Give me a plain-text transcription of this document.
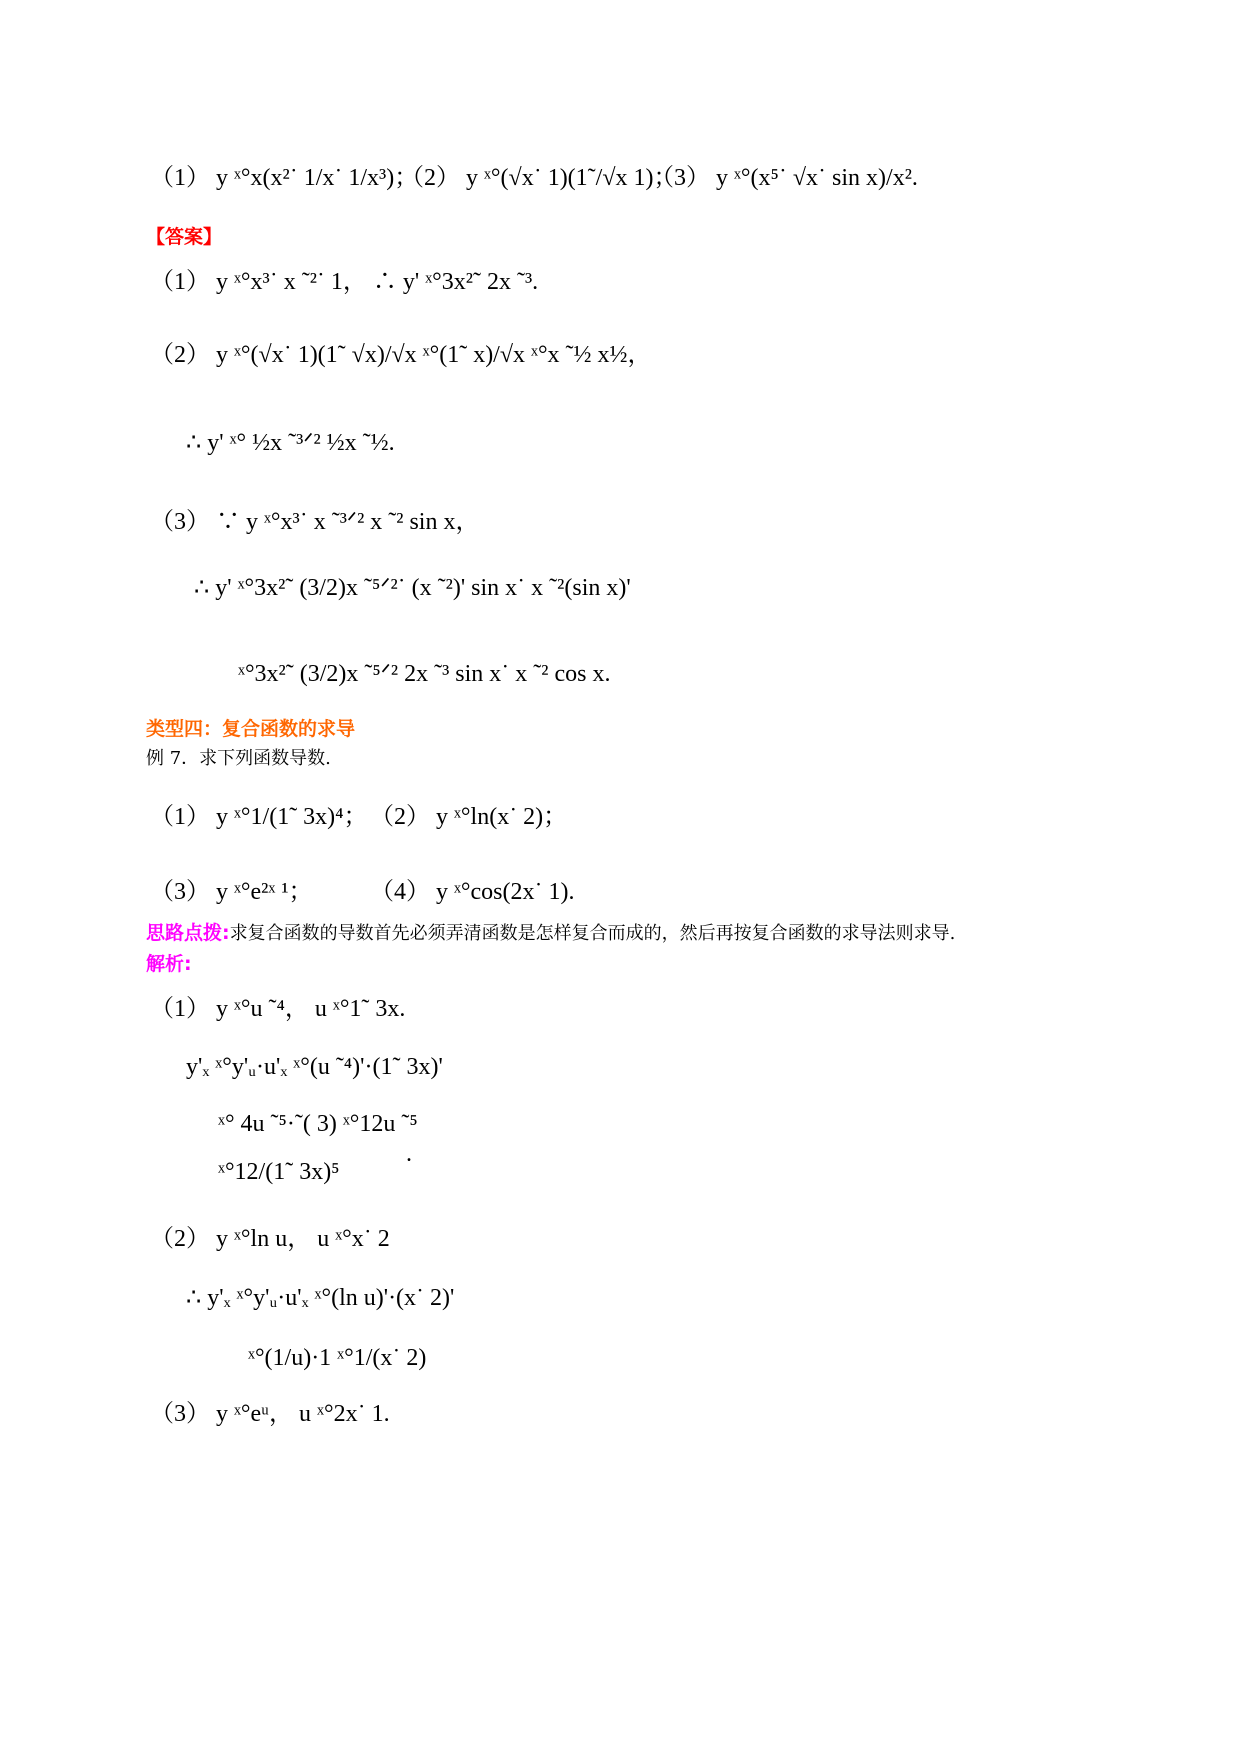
（1） y ˣ°x(x²˙ 1/x˙ 1/x³)；
（2） y ˣ°(√x˙ 1)(1˜/√x 1)；
（3） y ˣ°(x⁵˙ √x˙ sin x)/x².
【答案】
（1） y ˣ°x³˙ x ˜²˙ 1， ∴ y' ˣ°3x²˜ 2x ˜³.
（2） y ˣ°(√x˙ 1)(1˜ √x)/√x ˣ°(1˜ x)/√x ˣ°x ˜½ x½，
∴ y' ˣ° ½x ˜³ᐟ² ½x ˜½.
（3） ∵ y ˣ°x³˙ x ˜³ᐟ² x ˜² sin x，
∴ y' ˣ°3x²˜ (3/2)x ˜⁵ᐟ²˙ (x ˜²)' sin x˙ x ˜²(sin x)'
ˣ°3x²˜ (3/2)x ˜⁵ᐟ² 2x ˜³ sin x˙ x ˜² cos x.
类型四：复合函数的求导
例 7．求下列函数导数.
（1） y ˣ°1/(1˜ 3x)⁴； （2） y ˣ°ln(x˙ 2)；
（3） y ˣ°e²ˣ ¹； （4） y ˣ°cos(2x˙ 1).
思路点拨:求复合函数的导数首先必须弄清函数是怎样复合而成的，然后再按复合函数的求导法则求导.
解析:
（1） y ˣ°u ˜⁴， u ˣ°1˜ 3x.
y'ₓ ˣ°y'ᵤ·u'ₓ ˣ°(u ˜⁴)'·(1˜ 3x)'
ˣ° 4u ˜⁵·˜( 3) ˣ°12u ˜⁵
ˣ°12/(1˜ 3x)⁵
.
（2） y ˣ°ln u， u ˣ°x˙ 2
∴ y'ₓ ˣ°y'ᵤ·u'ₓ ˣ°(ln u)'·(x˙ 2)'
ˣ°(1/u)·1 ˣ°1/(x˙ 2)
（3） y ˣ°eᵘ， u ˣ°2x˙ 1.
